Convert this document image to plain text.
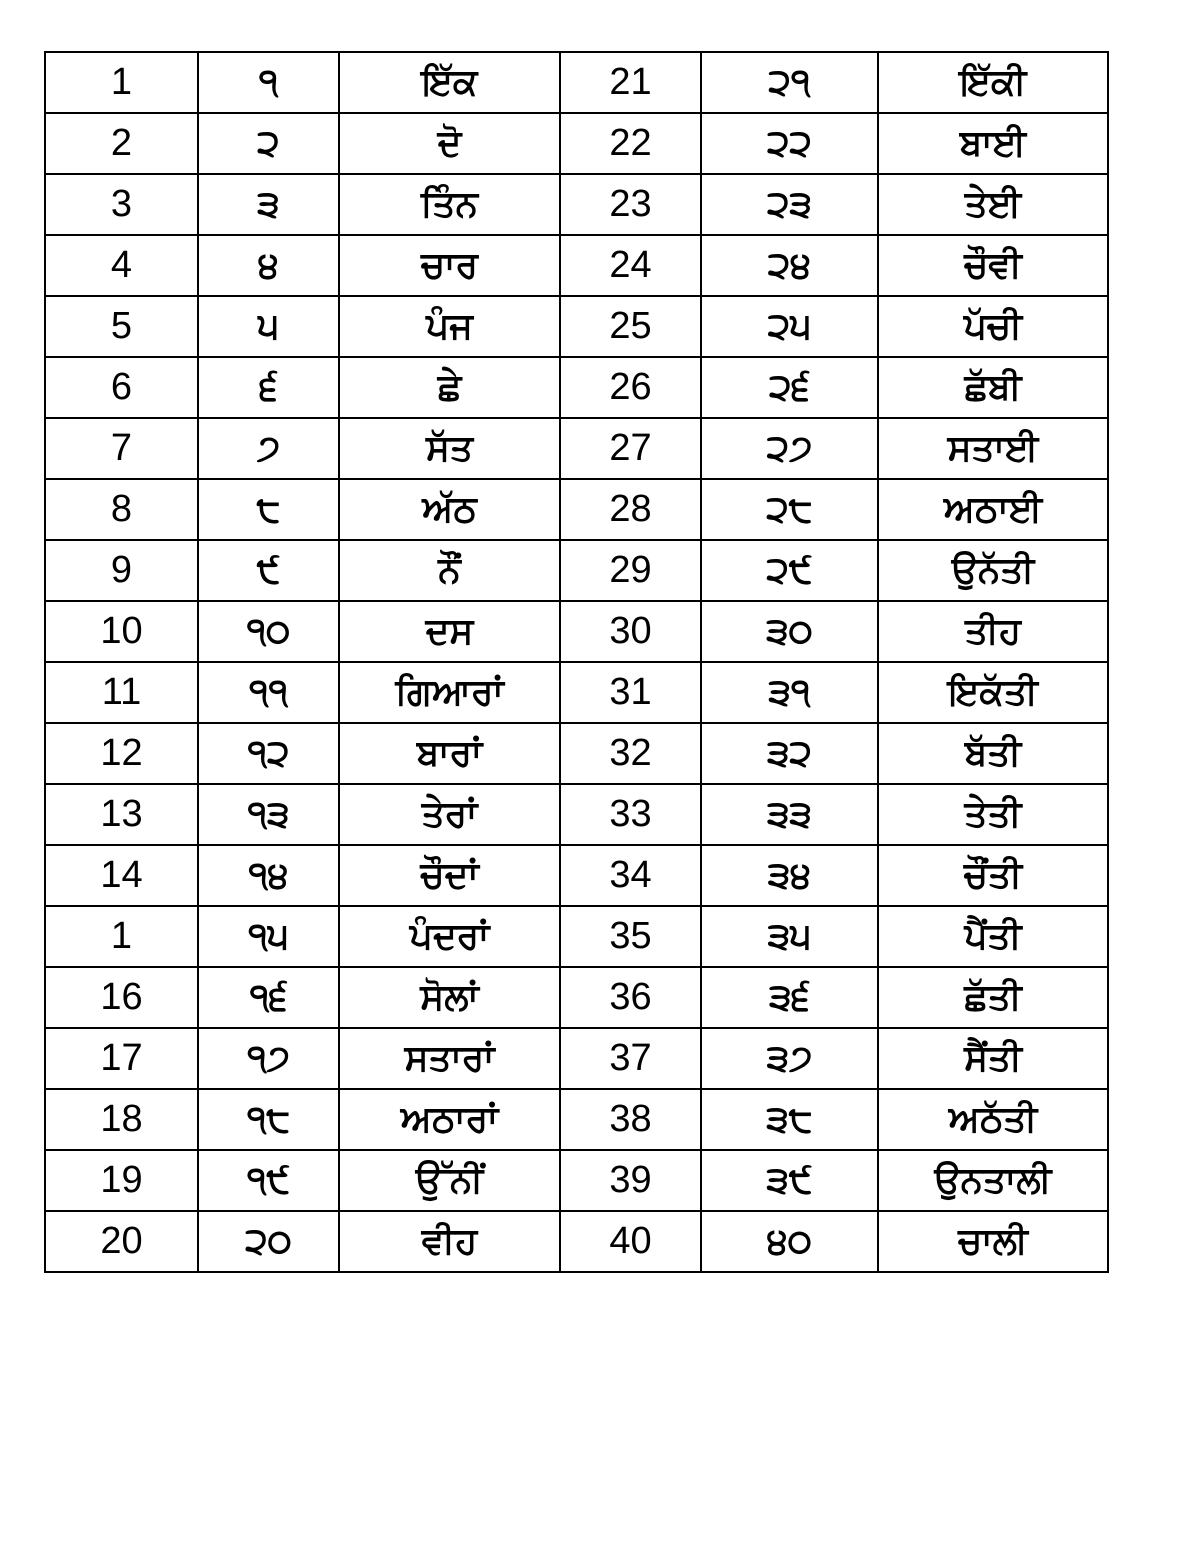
1	੧	ਇੱਕ	21	੨੧	ਇੱਕੀ
2	੨	ਦੋ	22	੨੨	ਬਾਈ
3	੩	ਤਿੰਨ	23	੨੩	ਤੇਈ
4	੪	ਚਾਰ	24	੨੪	ਚੌਵੀ
5	੫	ਪੰਜ	25	੨੫	ਪੱਚੀ
6	੬	ਛੇ	26	੨੬	ਛੱਬੀ
7	੭	ਸੱਤ	27	੨੭	ਸਤਾਈ
8	੮	ਅੱਠ	28	੨੮	ਅਠਾਈ
9	੯	ਨੌਂ	29	੨੯	ਉਨੱਤੀ
10	੧੦	ਦਸ	30	੩੦	ਤੀਹ
11	੧੧	ਗਿਆਰਾਂ	31	੩੧	ਇਕੱਤੀ
12	੧੨	ਬਾਰਾਂ	32	੩੨	ਬੱਤੀ
13	੧੩	ਤੇਰਾਂ	33	੩੩	ਤੇਤੀ
14	੧੪	ਚੌਦਾਂ	34	੩੪	ਚੌਂਤੀ
1	੧੫	ਪੰਦਰਾਂ	35	੩੫	ਪੈਂਤੀ
16	੧੬	ਸੋਲਾਂ	36	੩੬	ਛੱਤੀ
17	੧੭	ਸਤਾਰਾਂ	37	੩੭	ਸੈਂਤੀ
18	੧੮	ਅਠਾਰਾਂ	38	੩੮	ਅਠੱਤੀ
19	੧੯	ਉੱਨੀਂ	39	੩੯	ਉਨਤਾਲੀ
20	੨੦	ਵੀਹ	40	੪੦	ਚਾਲੀ
